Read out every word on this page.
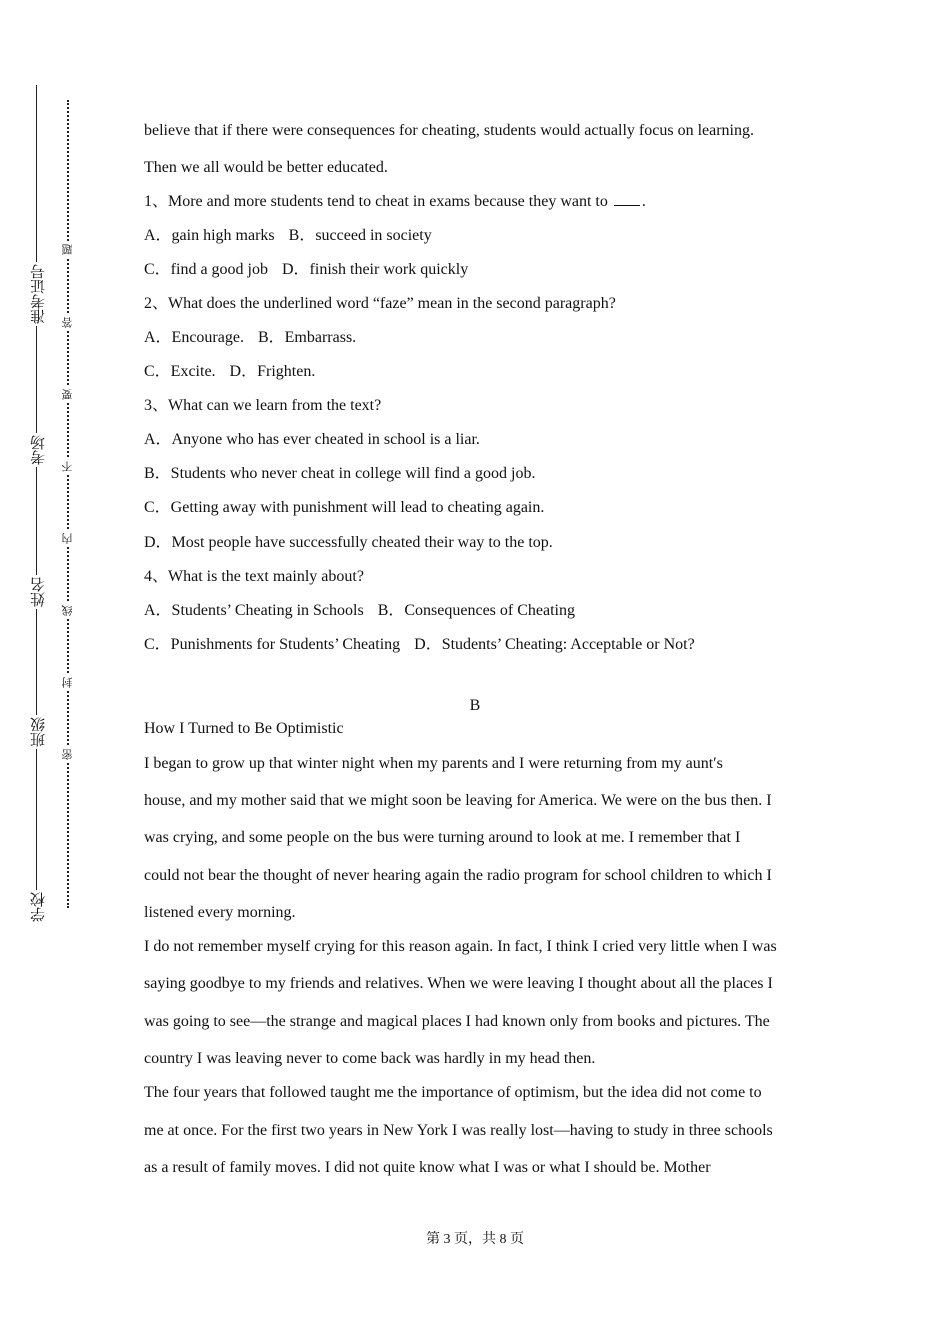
准考证号
考场
姓名
班级
学校
题
答
要
不
内
线
封
密

believe that if there were consequences for cheating, students would actually focus on learning.

Then we all would be better educated.

1、More and more students tend to cheat in exams because they want to .

A．gain high marks B．succeed in society

C．find a good job D．finish their work quickly

2、What does the underlined word “faze” mean in the second paragraph?

A．Encourage. B．Embarrass.

C．Excite. D．Frighten.

3、What can we learn from the text?

A．Anyone who has ever cheated in school is a liar.

B．Students who never cheat in college will find a good job.

C．Getting away with punishment will lead to cheating again.

D．Most people have successfully cheated their way to the top.

4、What is the text mainly about?

A．Students’ Cheating in Schools B．Consequences of Cheating

C．Punishments for Students’ Cheating D．Students’ Cheating: Acceptable or Not?

B

How I Turned to Be Optimistic

I began to grow up that winter night when my parents and I were returning from my aunt′s

house, and my mother said that we might soon be leaving for America. We were on the bus then. I

was crying, and some people on the bus were turning around to look at me. I remember that I

could not bear the thought of never hearing again the radio program for school children to which I

listened every morning.

I do not remember myself crying for this reason again. In fact, I think I cried very little when I was

saying goodbye to my friends and relatives. When we were leaving I thought about all the places I

was going to see—the strange and magical places I had known only from books and pictures. The

country I was leaving never to come back was hardly in my head then.

The four years that followed taught me the importance of optimism, but the idea did not come to

me at once. For the first two years in New York I was really lost—having to study in three schools

as a result of family moves. I did not quite know what I was or what I should be. Mother

第 3 页，共 8 页
